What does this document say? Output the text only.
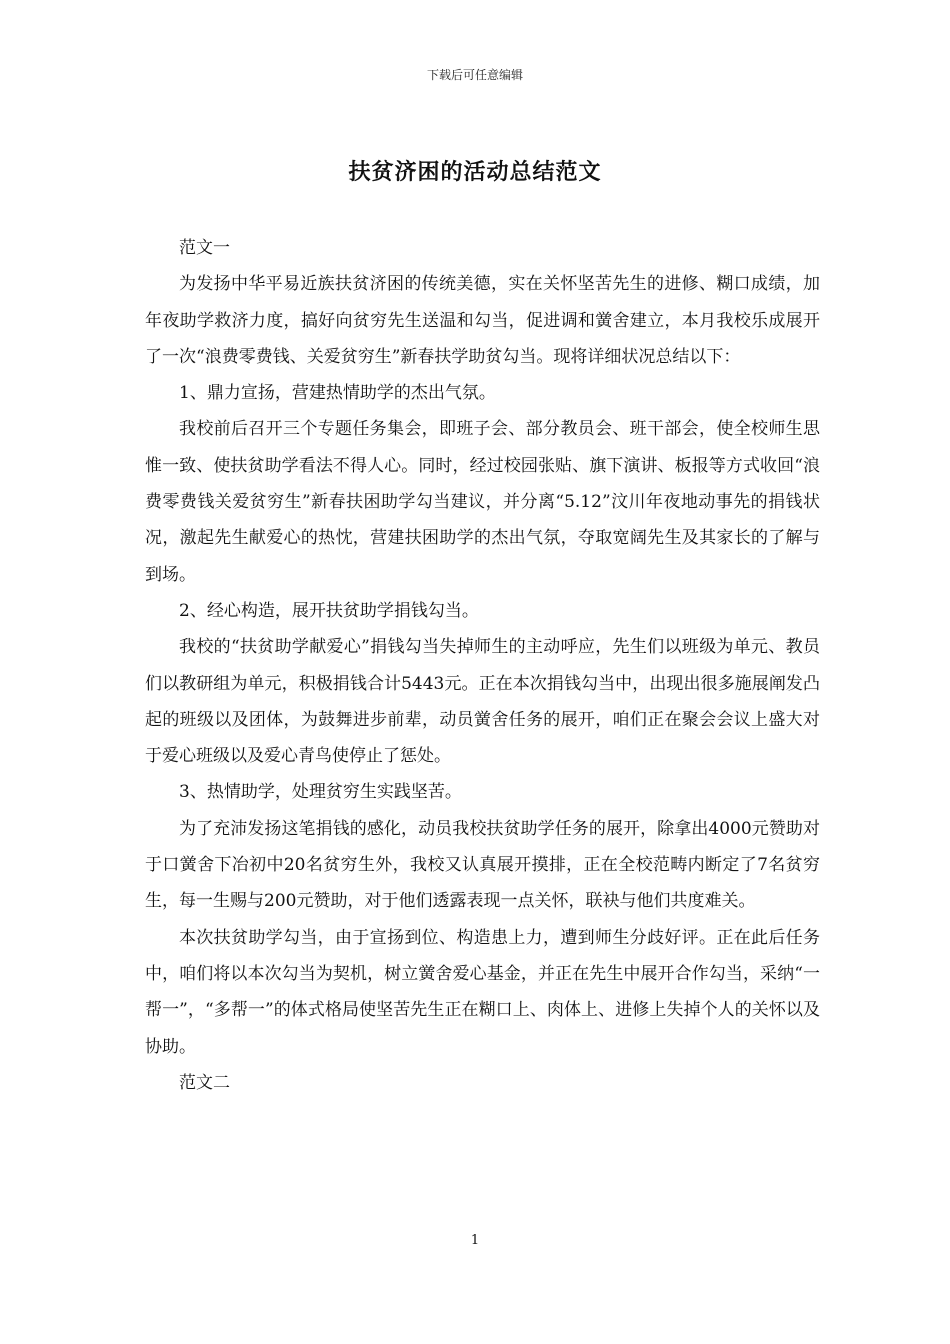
下载后可任意编辑
扶贫济困的活动总结范文

范文一

为发扬中华平易近族扶贫济困的传统美德，实在关怀坚苦先生的进修、糊口成绩，加年夜助学救济力度，搞好向贫穷先生送温和勾当，促进调和黉舍建立，本月我校乐成展开了一次“浪费零费钱、关爱贫穷生”新春扶学助贫勾当。现将详细状况总结以下：

1、鼎力宣扬，营建热情助学的杰出气氛。

我校前后召开三个专题任务集会，即班子会、部分教员会、班干部会，使全校师生思惟一致、使扶贫助学看法不得人心。同时，经过校园张贴、旗下演讲、板报等方式收回“浪费零费钱关爱贫穷生”新春扶困助学勾当建议，并分离“5.12”汶川年夜地动事先的捐钱状况，激起先生献爱心的热忱，营建扶困助学的杰出气氛，夺取宽阔先生及其家长的了解与到场。

2、经心构造，展开扶贫助学捐钱勾当。

我校的“扶贫助学献爱心”捐钱勾当失掉师生的主动呼应，先生们以班级为单元、教员们以教研组为单元，积极捐钱合计5443元。正在本次捐钱勾当中，出现出很多施展阐发凸起的班级以及团体，为鼓舞进步前辈，动员黉舍任务的展开，咱们正在聚会会议上盛大对于爱心班级以及爱心青鸟使停止了惩处。

3、热情助学，处理贫穷生实践坚苦。

为了充沛发扬这笔捐钱的感化，动员我校扶贫助学任务的展开，除拿出4000元赞助对于口黉舍下冶初中20名贫穷生外，我校又认真展开摸排，正在全校范畴内断定了7名贫穷生，每一生赐与200元赞助，对于他们透露表现一点关怀，联袂与他们共度难关。

本次扶贫助学勾当，由于宣扬到位、构造患上力，遭到师生分歧好评。正在此后任务中，咱们将以本次勾当为契机，树立黉舍爱心基金，并正在先生中展开合作勾当，采纳“一帮一”，“多帮一”的体式格局使坚苦先生正在糊口上、肉体上、进修上失掉个人的关怀以及协助。

范文二

1
